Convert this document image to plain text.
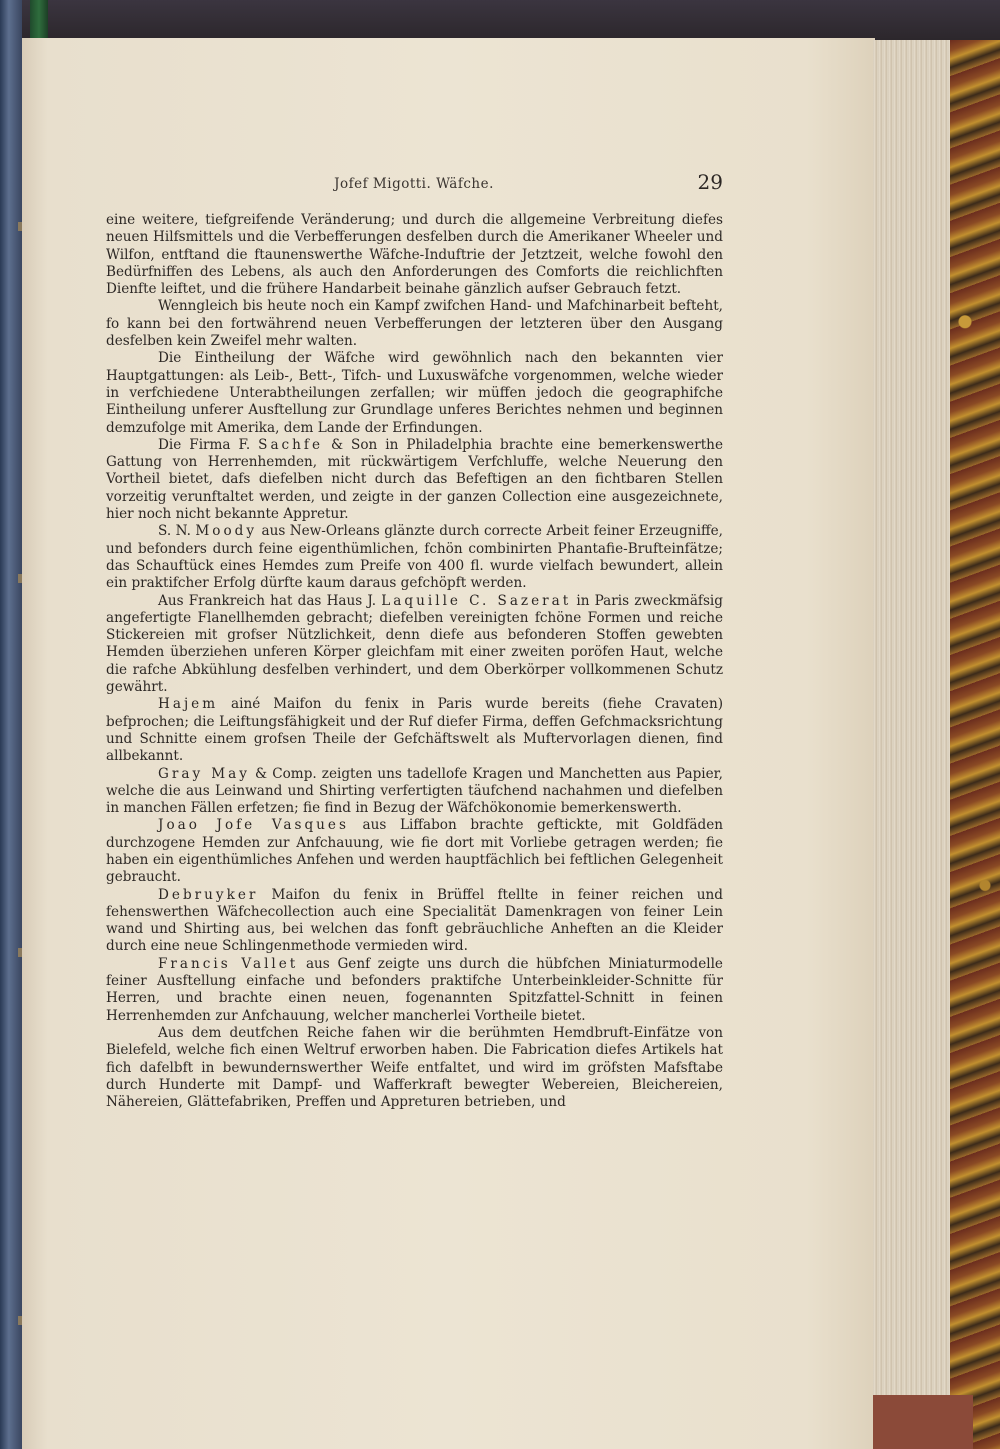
Jofef Migotti. Wäfche.	29

eine weitere, tiefgreifende Veränderung; und durch die allgemeine Verbreitung diefes neuen Hilfsmittels und die Verbefferungen desfelben durch die Amerikaner Wheeler und Wilfon, entftand die ftaunenswerthe Wäfche-Induftrie der Jetztzeit, welche fowohl den Bedürfniffen des Lebens, als auch den Anforderungen des Comforts die reichlichften Dienfte leiftet, und die frühere Handarbeit beinahe gänzlich aufser Gebrauch fetzt.

Wenngleich bis heute noch ein Kampf zwifchen Hand- und Mafchinarbeit befteht, fo kann bei den fortwährend neuen Verbefferungen der letzteren über den Ausgang desfelben kein Zweifel mehr walten.

Die Eintheilung der Wäfche wird gewöhnlich nach den bekannten vier Hauptgattungen: als Leib-, Bett-, Tifch- und Luxuswäfche vorgenommen, welche wieder in verfchiedene Unterabtheilungen zerfallen; wir müffen jedoch die geographifche Eintheilung unferer Ausftellung zur Grundlage unferes Berichtes nehmen und beginnen demzufolge mit Amerika, dem Lande der Erfindungen.

Die Firma F. Sachfe & Son in Philadelphia brachte eine bemerkenswerthe Gattung von Herrenhemden, mit rückwärtigem Verfchluffe, welche Neuerung den Vortheil bietet, dafs diefelben nicht durch das Befeftigen an den fichtbaren Stellen vorzeitig verunftaltet werden, und zeigte in der ganzen Collection eine ausgezeichnete, hier noch nicht bekannte Appretur.

S. N. Moody aus New-Orleans glänzte durch correcte Arbeit feiner Erzeugniffe, und befonders durch feine eigenthümlichen, fchön combinirten Phantafie-Brufteinfätze; das Schauftück eines Hemdes zum Preife von 400 fl. wurde vielfach bewundert, allein ein praktifcher Erfolg dürfte kaum daraus gefchöpft werden.

Aus Frankreich hat das Haus J. Laquille C. Sazerat in Paris zweckmäfsig angefertigte Flanellhemden gebracht; diefelben vereinigten fchöne Formen und reiche Stickereien mit grofser Nützlichkeit, denn diefe aus befonderen Stoffen gewebten Hemden überziehen unferen Körper gleichfam mit einer zweiten poröfen Haut, welche die rafche Abkühlung desfelben verhindert, und dem Oberkörper vollkommenen Schutz gewährt.

Hajem ainé Maifon du fenix in Paris wurde bereits (fiehe Cravaten) befprochen; die Leiftungsfähigkeit und der Ruf diefer Firma, deffen Gefchmacksrichtung und Schnitte einem grofsen Theile der Gefchäftswelt als Muftervorlagen dienen, find allbekannt.

Gray May & Comp. zeigten uns tadellofe Kragen und Manchetten aus Papier, welche die aus Leinwand und Shirting verfertigten täufchend nachahmen und diefelben in manchen Fällen erfetzen; fie find in Bezug der Wäfchökonomie bemerkenswerth.

Joao Jofe Vasques aus Liffabon brachte geftickte, mit Goldfäden durchzogene Hemden zur Anfchauung, wie fie dort mit Vorliebe getragen werden; fie haben ein eigenthümliches Anfehen und werden hauptfächlich bei feftlichen Gelegenheit gebraucht.

Debruyker Maifon du fenix in Brüffel ftellte in feiner reichen und fehenswerthen Wäfchecollection auch eine Specialität Damenkragen von feiner Lein wand und Shirting aus, bei welchen das fonft gebräuchliche Anheften an die Kleider durch eine neue Schlingenmethode vermieden wird.

Francis Vallet aus Genf zeigte uns durch die hübfchen Miniaturmodelle feiner Ausftellung einfache und befonders praktifche Unterbeinkleider-Schnitte für Herren, und brachte einen neuen, fogenannten Spitzfattel-Schnitt in feinen Herrenhemden zur Anfchauung, welcher mancherlei Vortheile bietet.

Aus dem deutfchen Reiche fahen wir die berühmten Hemdbruft-Einfätze von Bielefeld, welche fich einen Weltruf erworben haben. Die Fabrication diefes Artikels hat fich dafelbft in bewundernswerther Weife entfaltet, und wird im gröfsten Mafsftabe durch Hunderte mit Dampf- und Wafferkraft bewegter Webereien, Bleichereien, Nähereien, Glättefabriken, Preffen und Appreturen betrieben, und
